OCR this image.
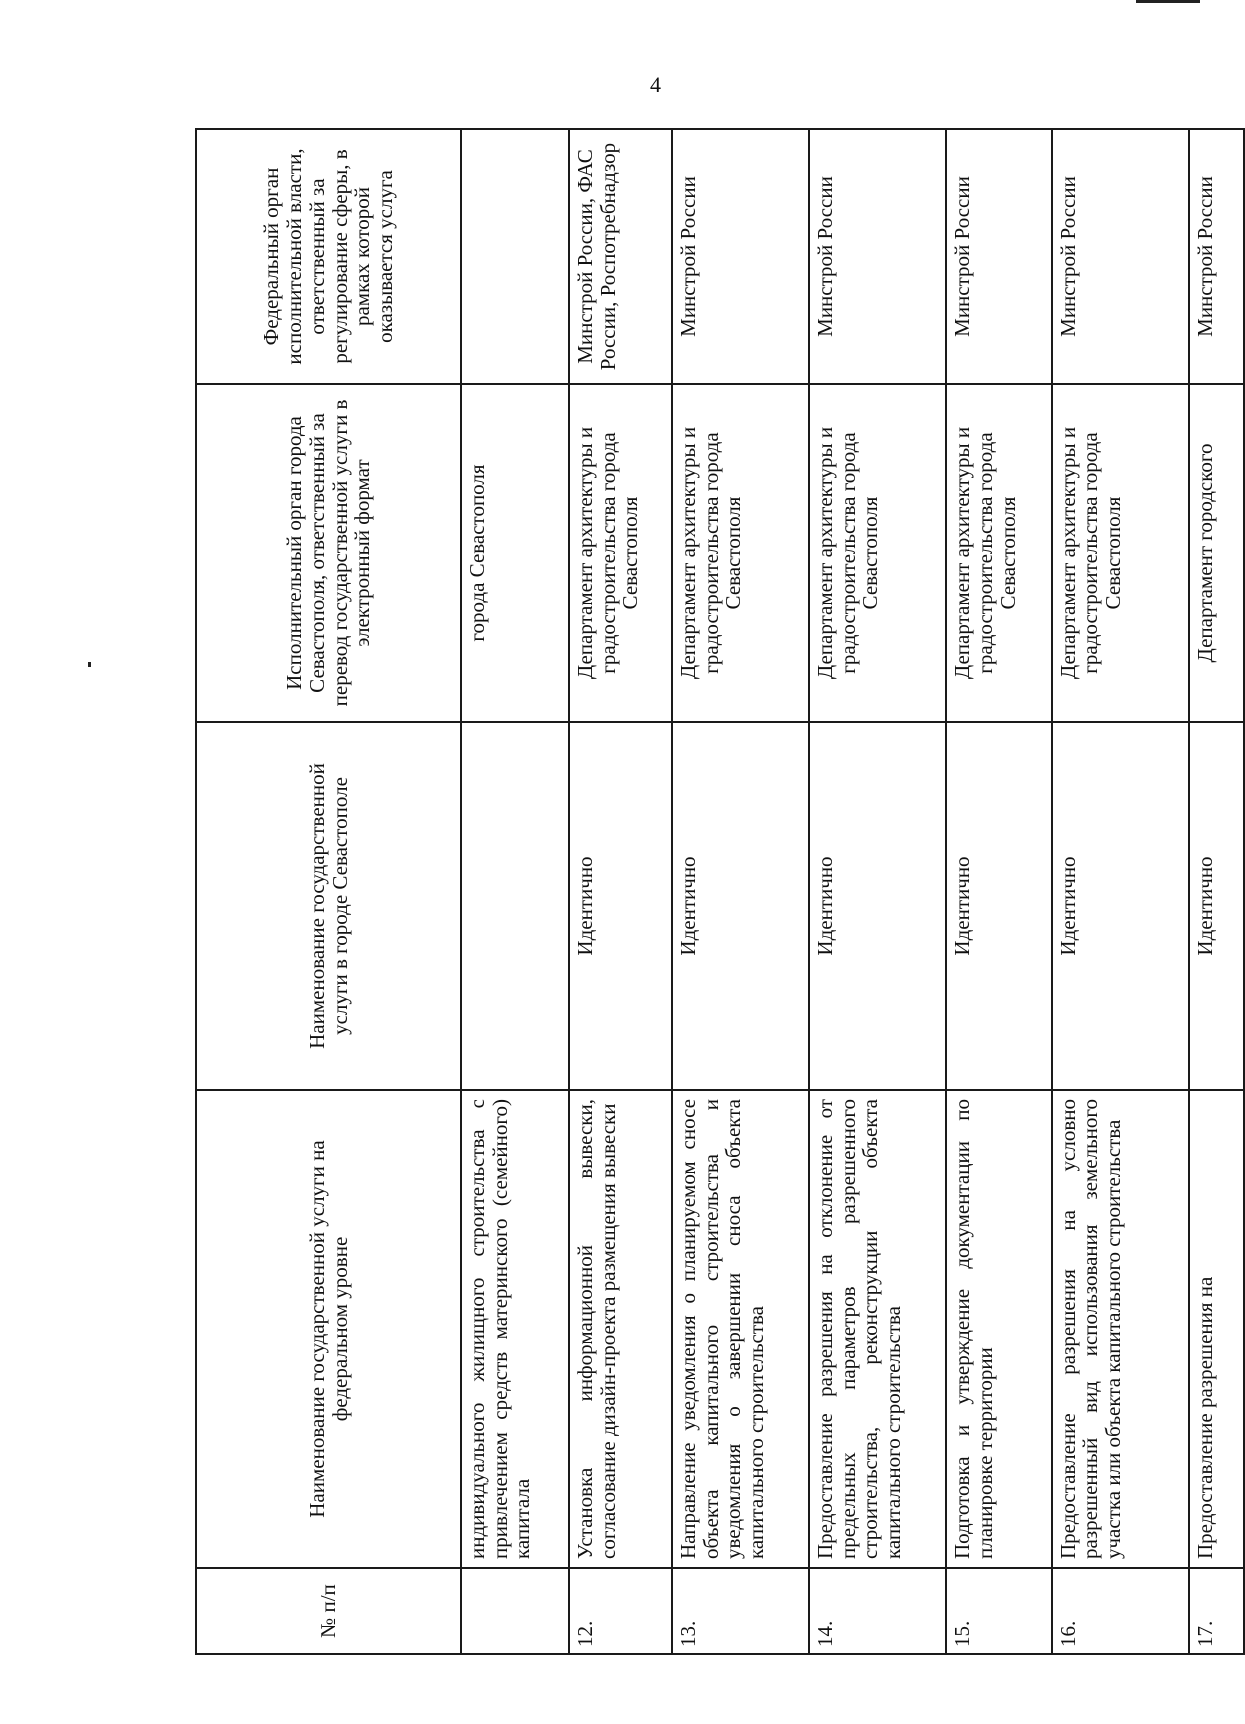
4
№ п/п	Наименование государственной услуги на федеральном уровне	Наименование государственной услуги в городе Севастополе	Исполнительный орган города Севастополя, ответственный за перевод государственной услуги в электронный формат	Федеральный орган исполнительной власти, ответственный за регулирование сферы, в рамках которой оказывается услуга
	индивидуального жилищного строительства с привлечением средств материнского (семейного) капитала		города Севастополя	
12.	Установка информационной вывески, согласование дизайн-проекта размещения вывески	Идентично	Департамент архитектуры и градостроительства города Севастополя	Минстрой России, ФАС России, Роспотребнадзор
13.	Направление уведомления о планируемом сносе объекта капитального строительства и уведомления о завершении сноса объекта капитального строительства	Идентично	Департамент архитектуры и градостроительства города Севастополя	Минстрой России
14.	Предоставление разрешения на отклонение от предельных параметров разрешенного строительства, реконструкции объекта капитального строительства	Идентично	Департамент архитектуры и градостроительства города Севастополя	Минстрой России
15.	Подготовка и утверждение документации по планировке территории	Идентично	Департамент архитектуры и градостроительства города Севастополя	Минстрой России
16.	Предоставление разрешения на условно разрешенный вид использования земельного участка или объекта капитального строительства	Идентично	Департамент архитектуры и градостроительства города Севастополя	Минстрой России
17.	Предоставление разрешения на	Идентично	Департамент городского	Минстрой России
